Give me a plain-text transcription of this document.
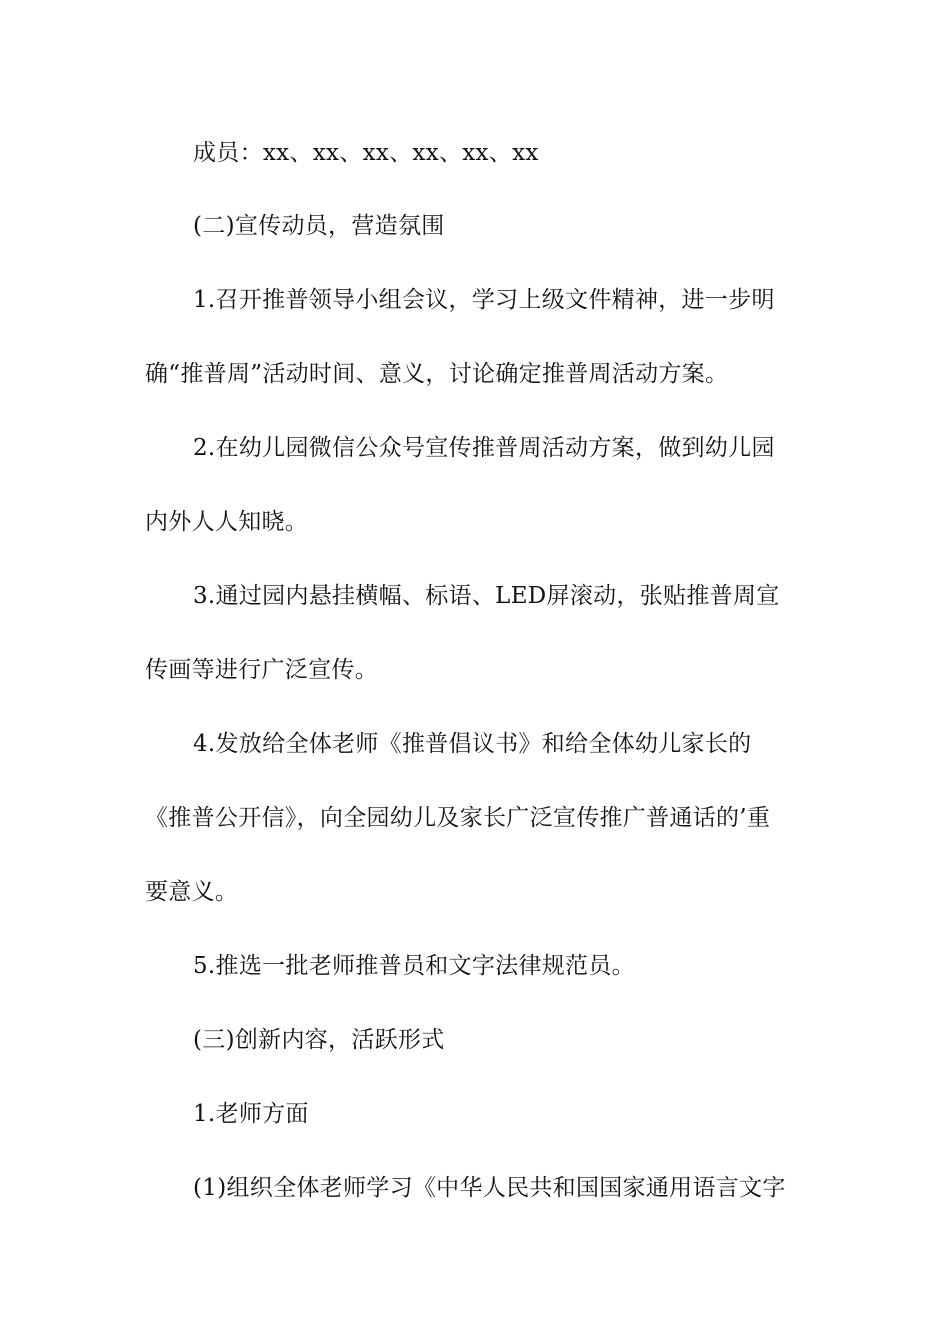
成员：xx、xx、xx、xx、xx、xx
(二)宣传动员，营造氛围
1.召开推普领导小组会议，学习上级文件精神，进一步明
确“推普周”活动时间、意义，讨论确定推普周活动方案。
2.在幼儿园微信公众号宣传推普周活动方案，做到幼儿园
内外人人知晓。
3.通过园内悬挂横幅、标语、LED屏滚动，张贴推普周宣
传画等进行广泛宣传。
4.发放给全体老师《推普倡议书》和给全体幼儿家长的
《推普公开信》，向全园幼儿及家长广泛宣传推广普通话的’重
要意义。
5.推选一批老师推普员和文字法律规范员。
(三)创新内容，活跃形式
1.老师方面
(1)组织全体老师学习《中华人民共和国国家通用语言文字
